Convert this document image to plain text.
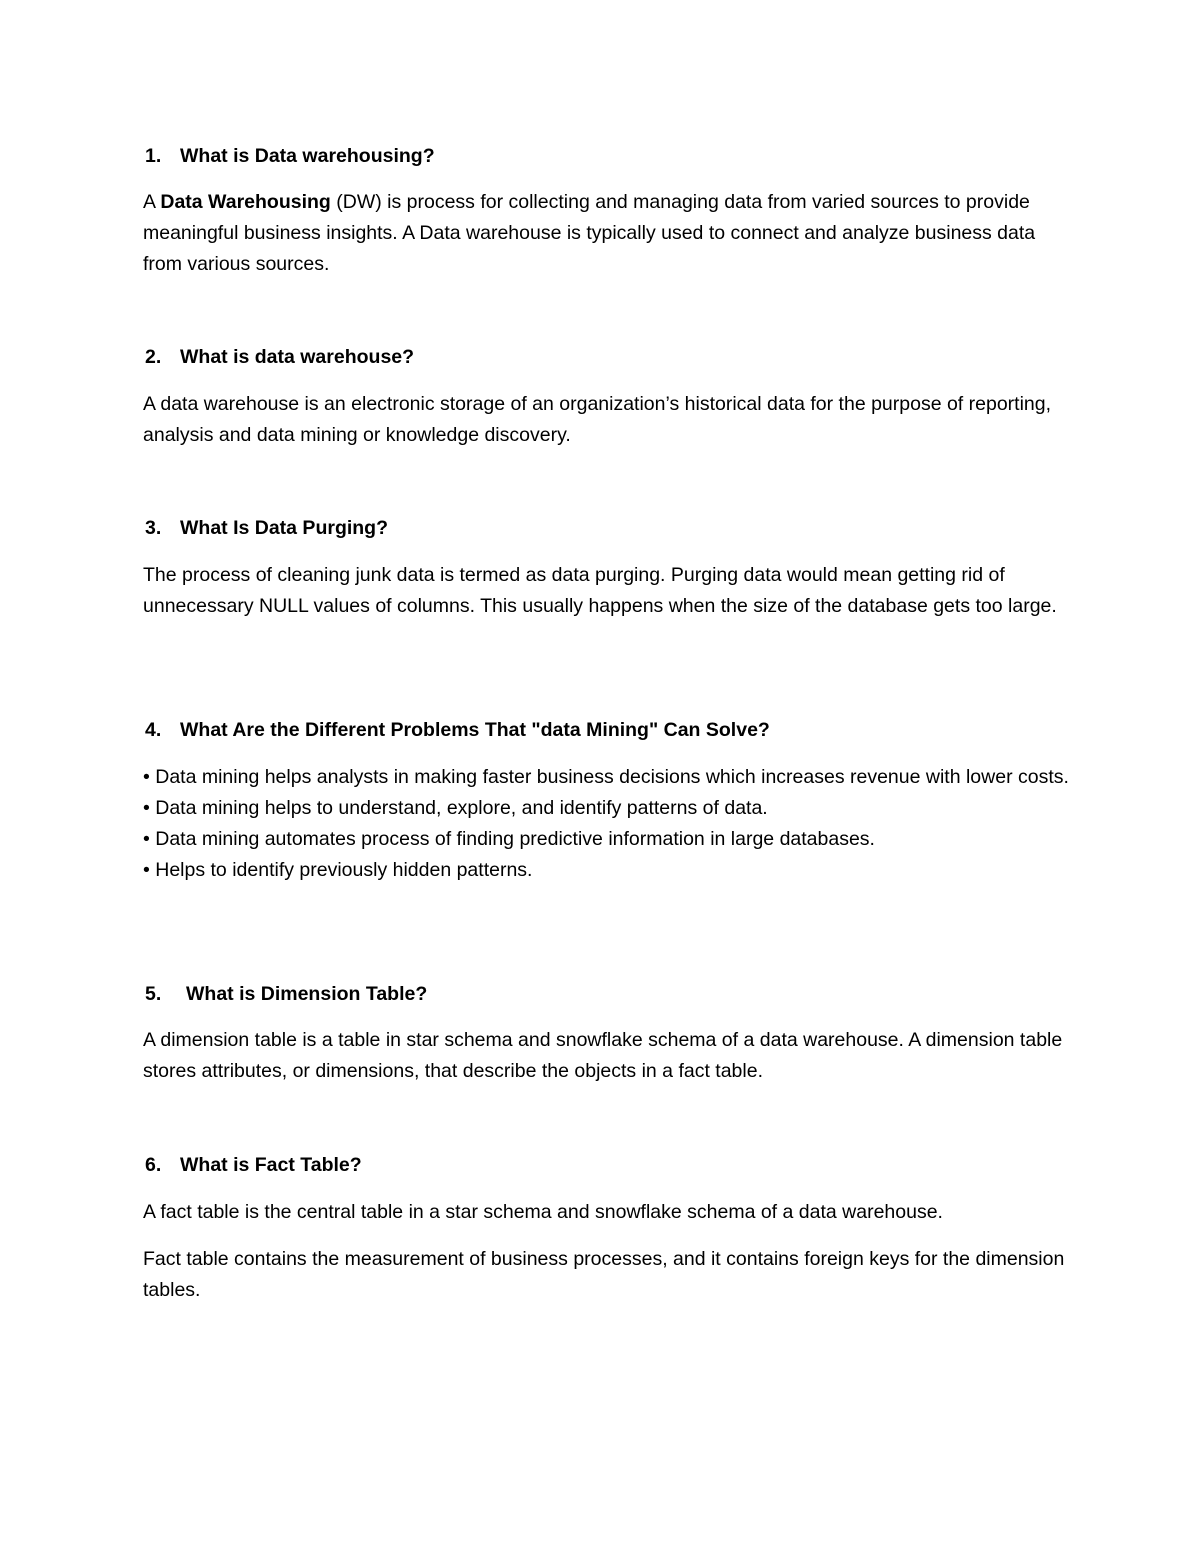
1. What is Data warehousing?

A Data Warehousing (DW) is process for collecting and managing data from varied sources to provide meaningful business insights. A Data warehouse is typically used to connect and analyze business data from various sources.

2. What is data warehouse?

A data warehouse is an electronic storage of an organization’s historical data for the purpose of reporting, analysis and data mining or knowledge discovery.

3. What Is Data Purging?

The process of cleaning junk data is termed as data purging. Purging data would mean getting rid of unnecessary NULL values of columns. This usually happens when the size of the database gets too large.

4. What Are the Different Problems That "data Mining" Can Solve?
• Data mining helps analysts in making faster business decisions which increases revenue with lower costs.
• Data mining helps to understand, explore, and identify patterns of data.
• Data mining automates process of finding predictive information in large databases.
• Helps to identify previously hidden patterns.
5. What is Dimension Table?

A dimension table is a table in star schema and snowflake schema of a data warehouse. A dimension table stores attributes, or dimensions, that describe the objects in a fact table.

6. What is Fact Table?

A fact table is the central table in a star schema and snowflake schema of a data warehouse.

Fact table contains the measurement of business processes, and it contains foreign keys for the dimension tables.
